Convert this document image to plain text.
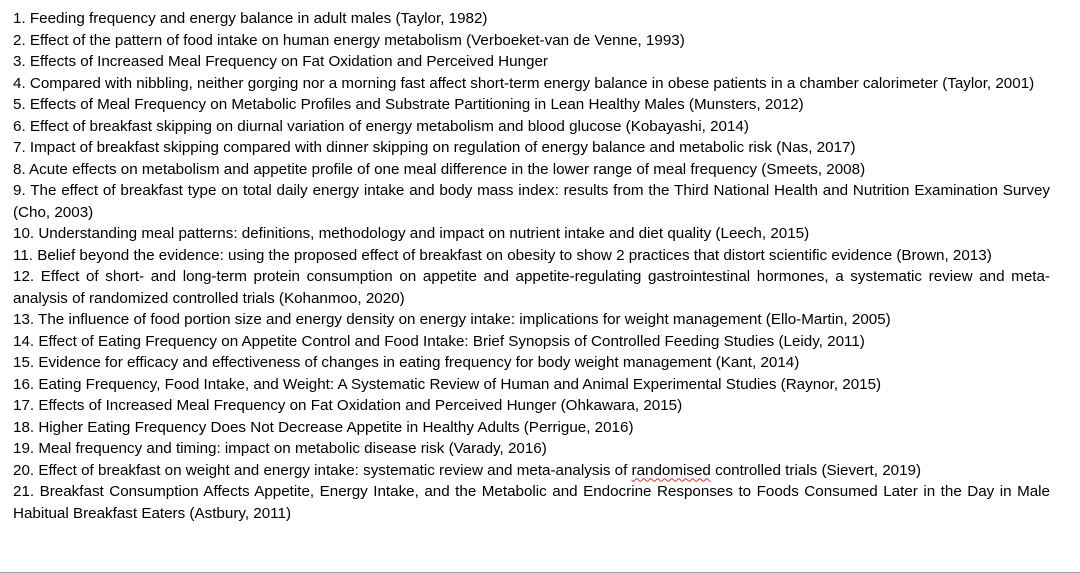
1. Feeding frequency and energy balance in adult males (Taylor, 1982)

2. Effect of the pattern of food intake on human energy metabolism (Verboeket-van de Venne, 1993)

3. Effects of Increased Meal Frequency on Fat Oxidation and Perceived Hunger

4. Compared with nibbling, neither gorging nor a morning fast affect short-term energy balance in obese patients in a chamber calorimeter (Taylor, 2001)

5. Effects of Meal Frequency on Metabolic Profiles and Substrate Partitioning in Lean Healthy Males (Munsters, 2012)

6. Effect of breakfast skipping on diurnal variation of energy metabolism and blood glucose (Kobayashi, 2014)

7. Impact of breakfast skipping compared with dinner skipping on regulation of energy balance and metabolic risk (Nas, 2017)

8. Acute effects on metabolism and appetite profile of one meal difference in the lower range of meal frequency (Smeets, 2008)

9. The effect of breakfast type on total daily energy intake and body mass index: results from the Third National Health and Nutrition Examination Survey (Cho, 2003)

10. Understanding meal patterns: definitions, methodology and impact on nutrient intake and diet quality (Leech, 2015)

11. Belief beyond the evidence: using the proposed effect of breakfast on obesity to show 2 practices that distort scientific evidence (Brown, 2013)

12. Effect of short- and long-term protein consumption on appetite and appetite-regulating gastrointestinal hormones, a systematic review and meta-analysis of randomized controlled trials (Kohanmoo, 2020)

13. The influence of food portion size and energy density on energy intake: implications for weight management (Ello-Martin, 2005)

14. Effect of Eating Frequency on Appetite Control and Food Intake: Brief Synopsis of Controlled Feeding Studies (Leidy, 2011)

15. Evidence for efficacy and effectiveness of changes in eating frequency for body weight management (Kant, 2014)

16. Eating Frequency, Food Intake, and Weight: A Systematic Review of Human and Animal Experimental Studies (Raynor, 2015)

17. Effects of Increased Meal Frequency on Fat Oxidation and Perceived Hunger (Ohkawara, 2015)

18. Higher Eating Frequency Does Not Decrease Appetite in Healthy Adults (Perrigue, 2016)

19. Meal frequency and timing: impact on metabolic disease risk (Varady, 2016)

20. Effect of breakfast on weight and energy intake: systematic review and meta-analysis of randomised controlled trials (Sievert, 2019)

21. Breakfast Consumption Affects Appetite, Energy Intake, and the Metabolic and Endocrine Responses to Foods Consumed Later in the Day in Male Habitual Breakfast Eaters (Astbury, 2011)
